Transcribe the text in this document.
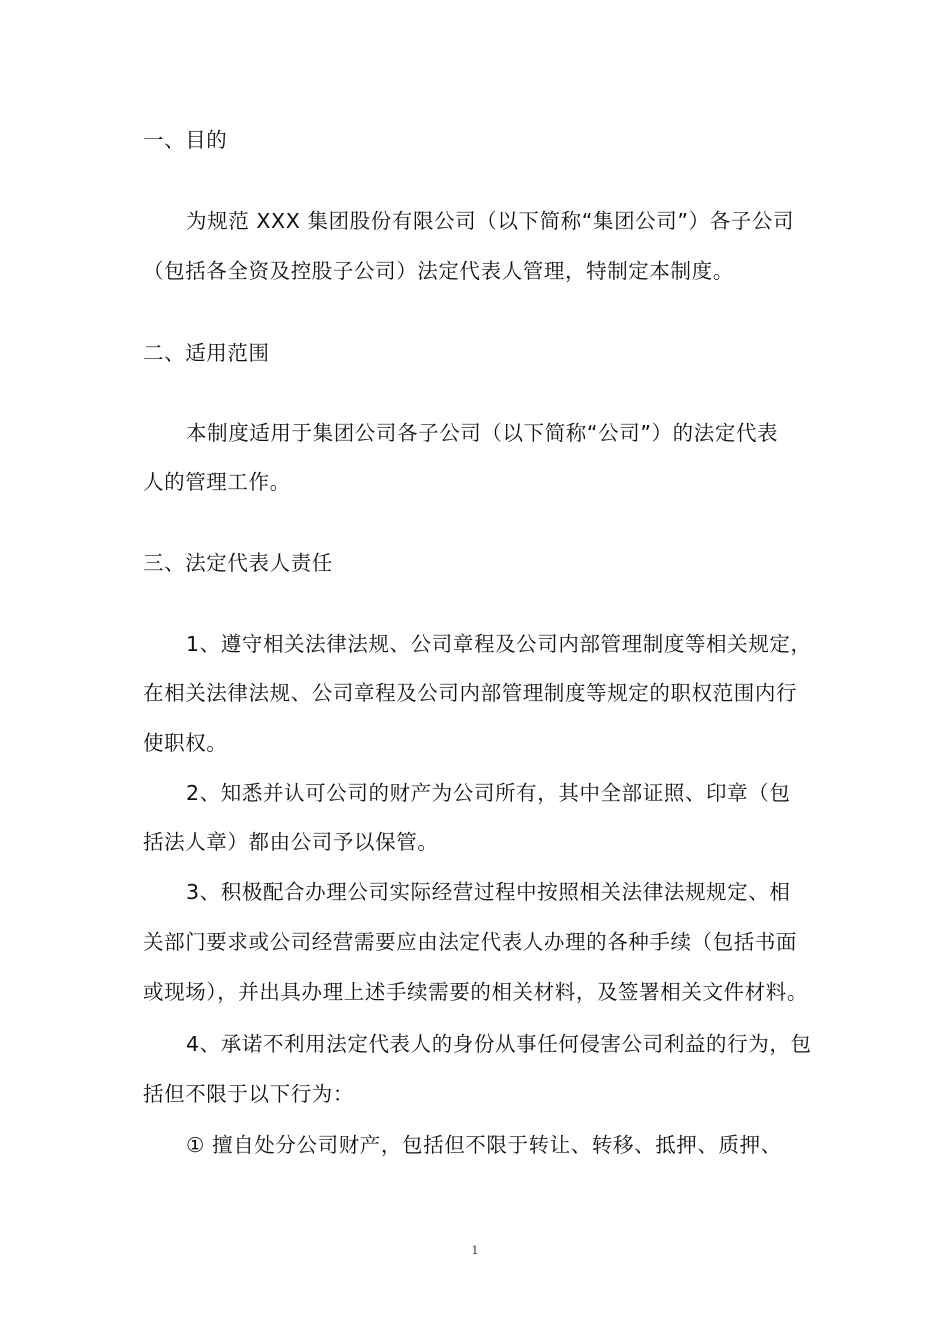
一、目的
为规范 XXX 集团股份有限公司（以下简称“集团公司”）各子公司
（包括各全资及控股子公司）法定代表人管理，特制定本制度。
二、适用范围
本制度适用于集团公司各子公司（以下简称“公司”）的法定代表
人的管理工作。
三、法定代表人责任
1、遵守相关法律法规、公司章程及公司内部管理制度等相关规定，
在相关法律法规、公司章程及公司内部管理制度等规定的职权范围内行
使职权。
2、知悉并认可公司的财产为公司所有，其中全部证照、印章（包
括法人章）都由公司予以保管。
3、积极配合办理公司实际经营过程中按照相关法律法规规定、相
关部门要求或公司经营需要应由法定代表人办理的各种手续（包括书面
或现场），并出具办理上述手续需要的相关材料，及签署相关文件材料。
4、承诺不利用法定代表人的身份从事任何侵害公司利益的行为，包
括但不限于以下行为：
① 擅自处分公司财产，包括但不限于转让、转移、抵押、质押、
1
